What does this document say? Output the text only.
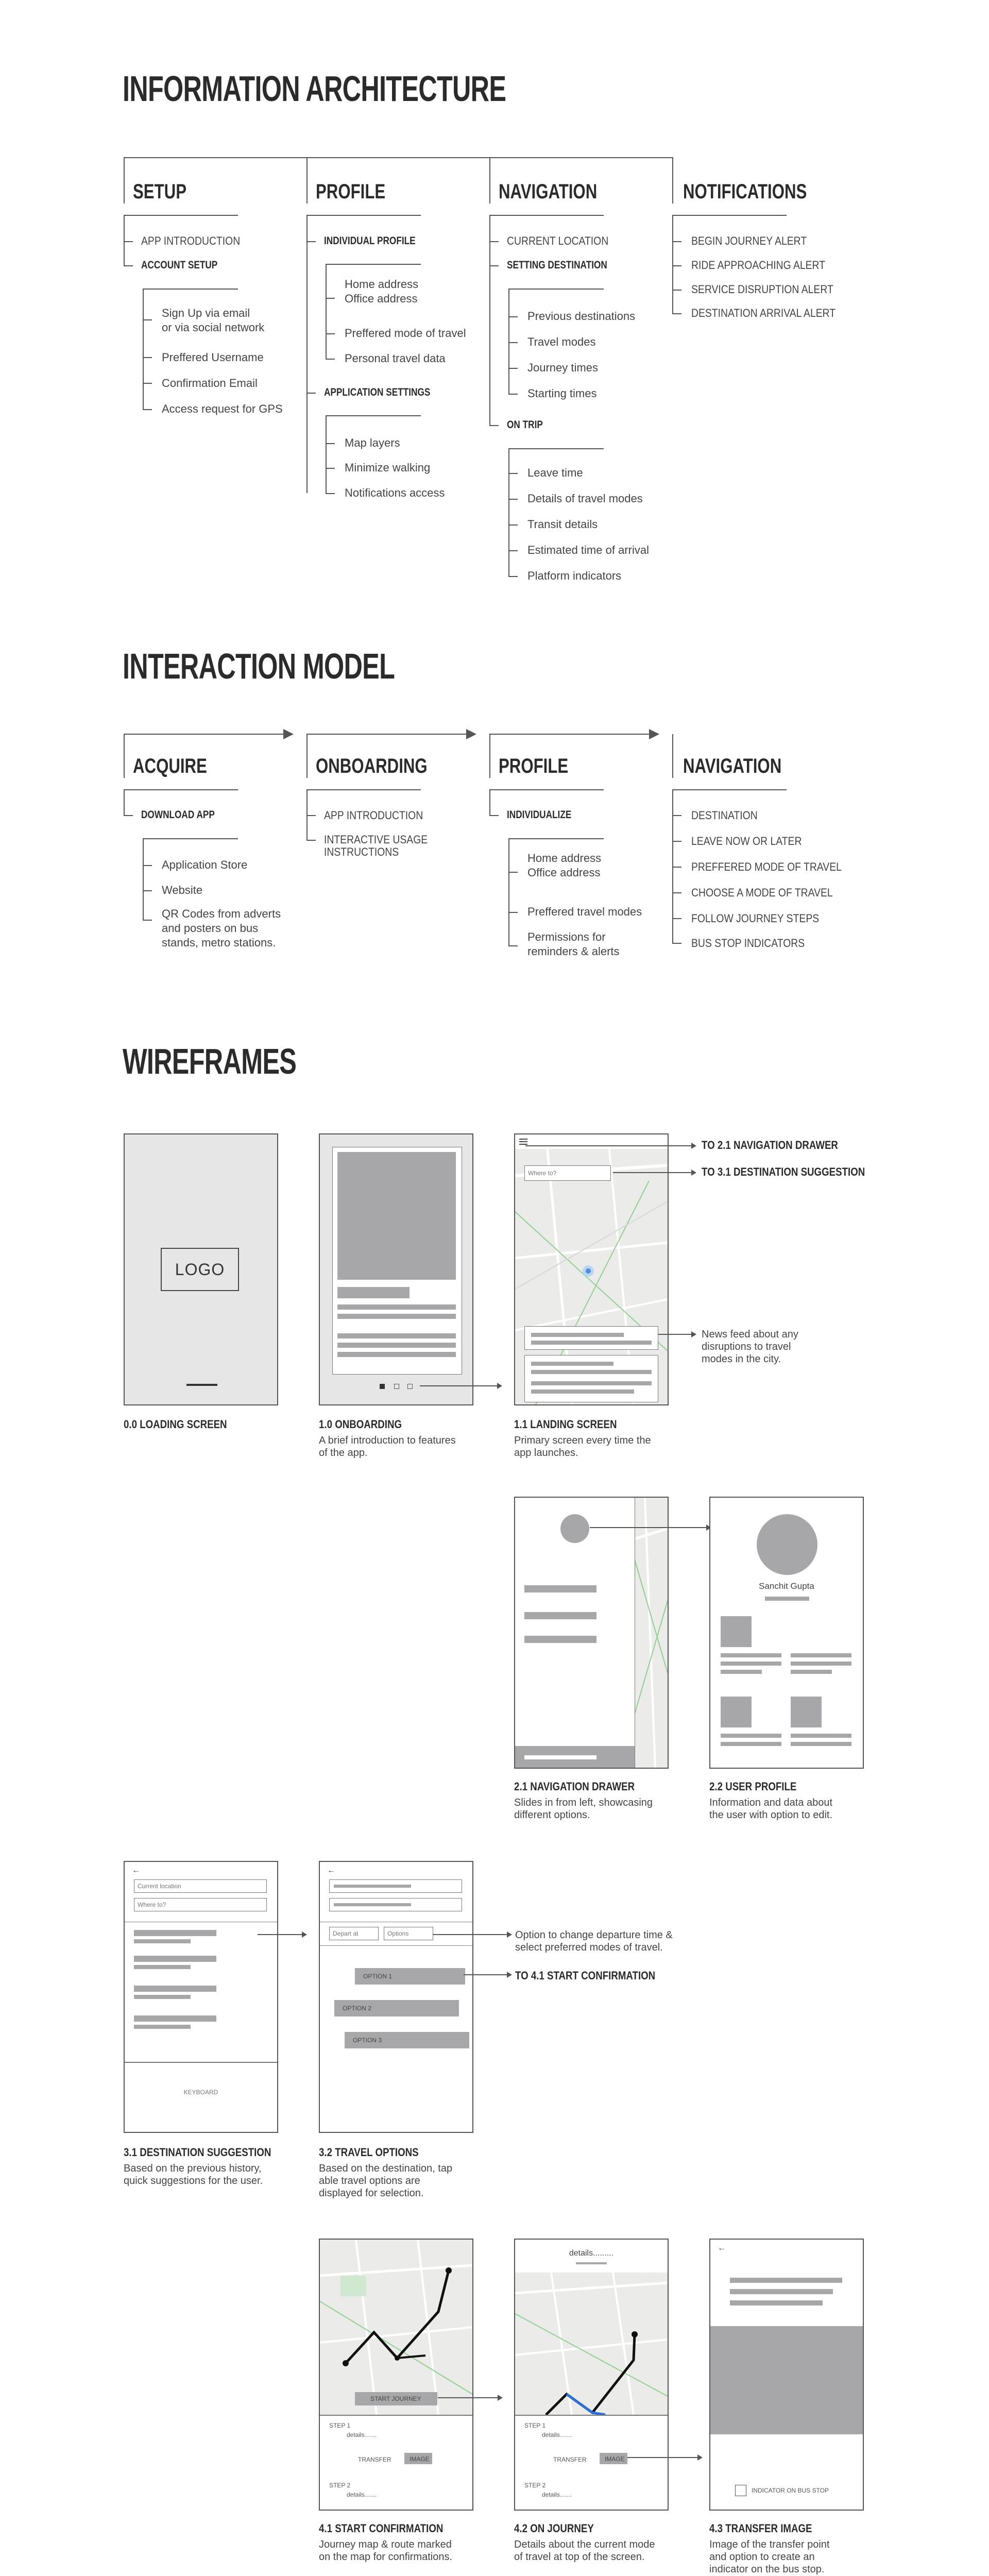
INFORMATION ARCHITECTURE
SETUP
APP INTRODUCTION
ACCOUNT SETUP
Sign Up via email
or via social network
Preffered Username
Confirmation Email
Access request for GPS
PROFILE
INDIVIDUAL PROFILE
Home address
Office address
Preffered mode of travel
Personal travel data
APPLICATION SETTINGS
Map layers
Minimize walking
Notifications access
NAVIGATION
CURRENT LOCATION
SETTING DESTINATION
Previous destinations
Travel modes
Journey times
Starting times
ON TRIP
Leave time
Details of travel modes
Transit details
Estimated time of arrival
Platform indicators
NOTIFICATIONS
BEGIN JOURNEY ALERT
RIDE APPROACHING ALERT
SERVICE DISRUPTION ALERT
DESTINATION ARRIVAL ALERT
INTERACTION MODEL
ACQUIRE
DOWNLOAD APP
Application Store
Website
QR Codes from adverts
and posters on bus
stands, metro stations.
ONBOARDING
APP INTRODUCTION
INTERACTIVE USAGE
INSTRUCTIONS
PROFILE
INDIVIDUALIZE
Home address
Office address
Preffered travel modes
Permissions for
reminders & alerts
NAVIGATION
DESTINATION
LEAVE NOW OR LATER
PREFFERED MODE OF TRAVEL
CHOOSE A MODE OF TRAVEL
FOLLOW JOURNEY STEPS
BUS STOP INDICATORS
WIREFRAMES
LOGO
0.0 LOADING SCREEN	1.0 ONBOARDING
A brief introduction to features
of the app.
Where to?
1.1 LANDING SCREEN
Primary screen every time the
app launches.
TO 2.1 NAVIGATION DRAWER
TO 3.1 DESTINATION SUGGESTION
News feed about any
disruptions to travel
modes in the city.
2.1 NAVIGATION DRAWER
Slides in from left, showcasing
different options.
Sanchit Gupta
2.2 USER PROFILE
Information and data about
the user with option to edit.
←
Current location
Where to?
KEYBOARD
3.1 DESTINATION SUGGESTION
Based on the previous history,
quick suggestions for the user.
←
Depart at	Options
OPTION 1
OPTION 2
OPTION 3
3.2 TRAVEL OPTIONS
Based on the destination, tap
able travel options are
displayed for selection.
Option to change departure time &
select preferred modes of travel.
TO 4.1 START CONFIRMATION
START JOURNEY
STEP 1
details.......
TRANSFER	IMAGE
STEP 2
details.......
4.1 START CONFIRMATION
Journey map & route marked
on the map for confirmations.
details.........
STEP 1
details.......
TRANSFER	IMAGE
STEP 2
details.......
4.2 ON JOURNEY
Details about the current mode
of travel at top of the screen.
←
INDICATOR ON BUS STOP
4.3 TRANSFER IMAGE
Image of the transfer point
and option to create an
indicator on the bus stop.
